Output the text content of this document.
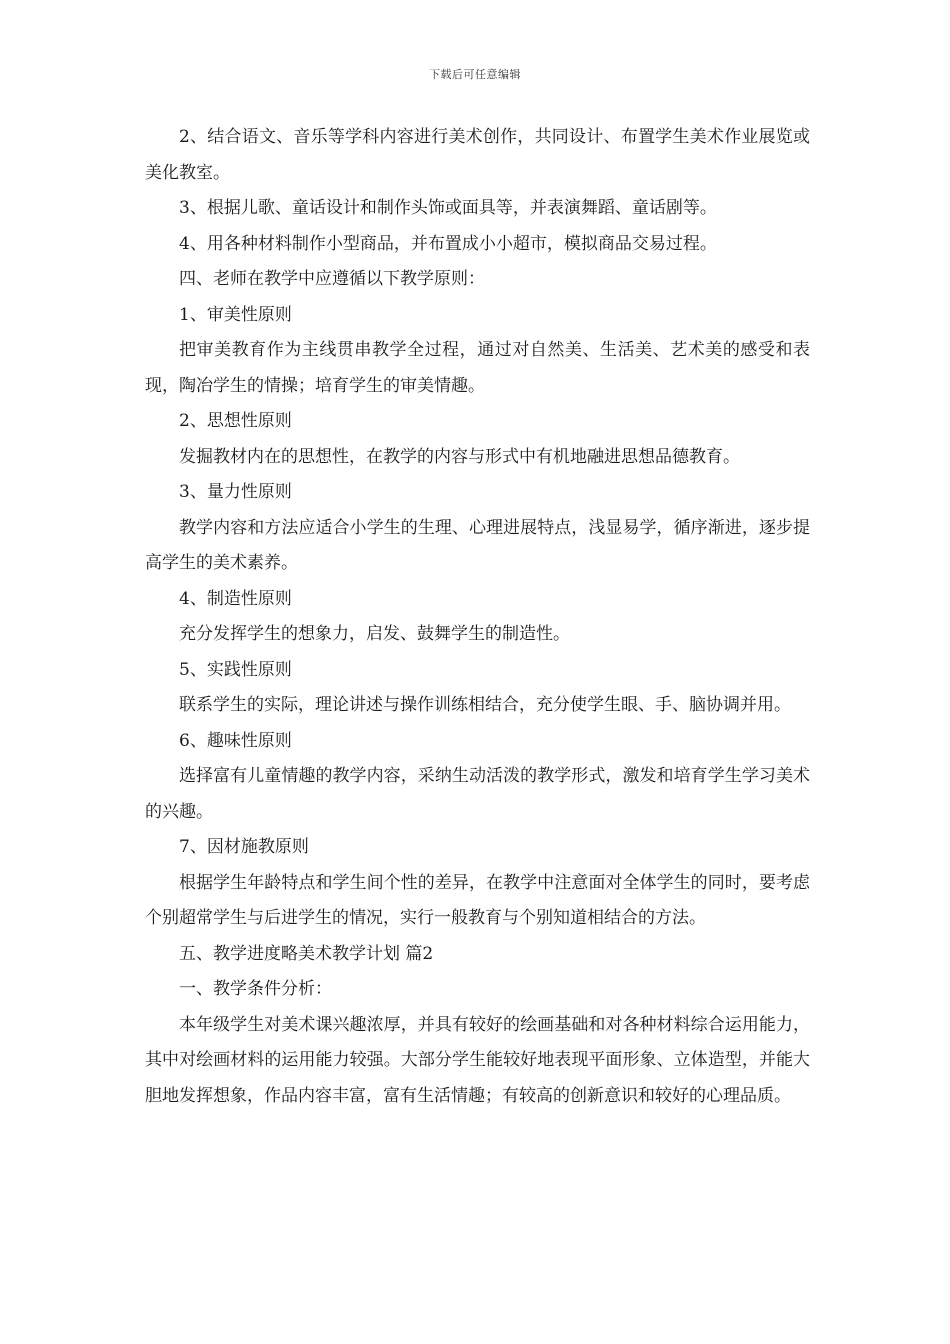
下载后可任意编辑

2、结合语文、音乐等学科内容进行美术创作，共同设计、布置学生美术作业展览或美化教室。

3、根据儿歌、童话设计和制作头饰或面具等，并表演舞蹈、童话剧等。

4、用各种材料制作小型商品，并布置成小小超市，模拟商品交易过程。

四、老师在教学中应遵循以下教学原则：

1、审美性原则

把审美教育作为主线贯串教学全过程，通过对自然美、生活美、艺术美的感受和表现，陶冶学生的情操；培育学生的审美情趣。

2、思想性原则

发掘教材内在的思想性，在教学的内容与形式中有机地融进思想品德教育。

3、量力性原则

教学内容和方法应适合小学生的生理、心理进展特点，浅显易学，循序渐进，逐步提高学生的美术素养。

4、制造性原则

充分发挥学生的想象力，启发、鼓舞学生的制造性。

5、实践性原则

联系学生的实际，理论讲述与操作训练相结合，充分使学生眼、手、脑协调并用。

6、趣味性原则

选择富有儿童情趣的教学内容，采纳生动活泼的教学形式，激发和培育学生学习美术的兴趣。

7、因材施教原则

根据学生年龄特点和学生间个性的差异，在教学中注意面对全体学生的同时，要考虑个别超常学生与后进学生的情况，实行一般教育与个别知道相结合的方法。

五、教学进度略美术教学计划 篇2

一、教学条件分析：

本年级学生对美术课兴趣浓厚，并具有较好的绘画基础和对各种材料综合运用能力，其中对绘画材料的运用能力较强。大部分学生能较好地表现平面形象、立体造型，并能大胆地发挥想象，作品内容丰富，富有生活情趣；有较高的创新意识和较好的心理品质。
